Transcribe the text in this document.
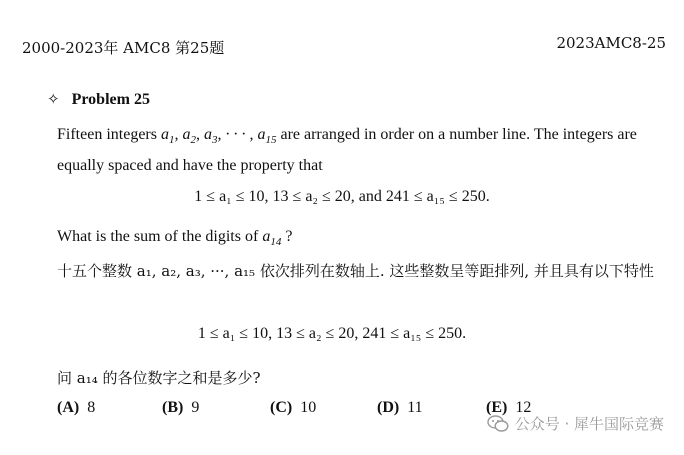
2000-2023年 AMC8 第25题	2023AMC8-25
✧ Problem 25
Fifteen integers $a_1$, $a_2$, $a_3$, · · · , $a_{15}$ are arranged in order on a number line. The integers are equally spaced and have the property that
1 ≤ a₁ ≤ 10, 13 ≤ a₂ ≤ 20, and 241 ≤ a₁₅ ≤ 250.
What is the sum of the digits of $a_{14}$ ?
十五个整数 a₁, a₂, a₃, ···, a₁₅ 依次排列在数轴上. 这些整数呈等距排列, 并且具有以下特性
1 ≤ a₁ ≤ 10, 13 ≤ a₂ ≤ 20, 241 ≤ a₁₅ ≤ 250.
问 a₁₄ 的各位数字之和是多少?
(A) 8	(B) 9	(C) 10	(D) 11	(E) 12
公众号 · 犀牛国际竞赛
